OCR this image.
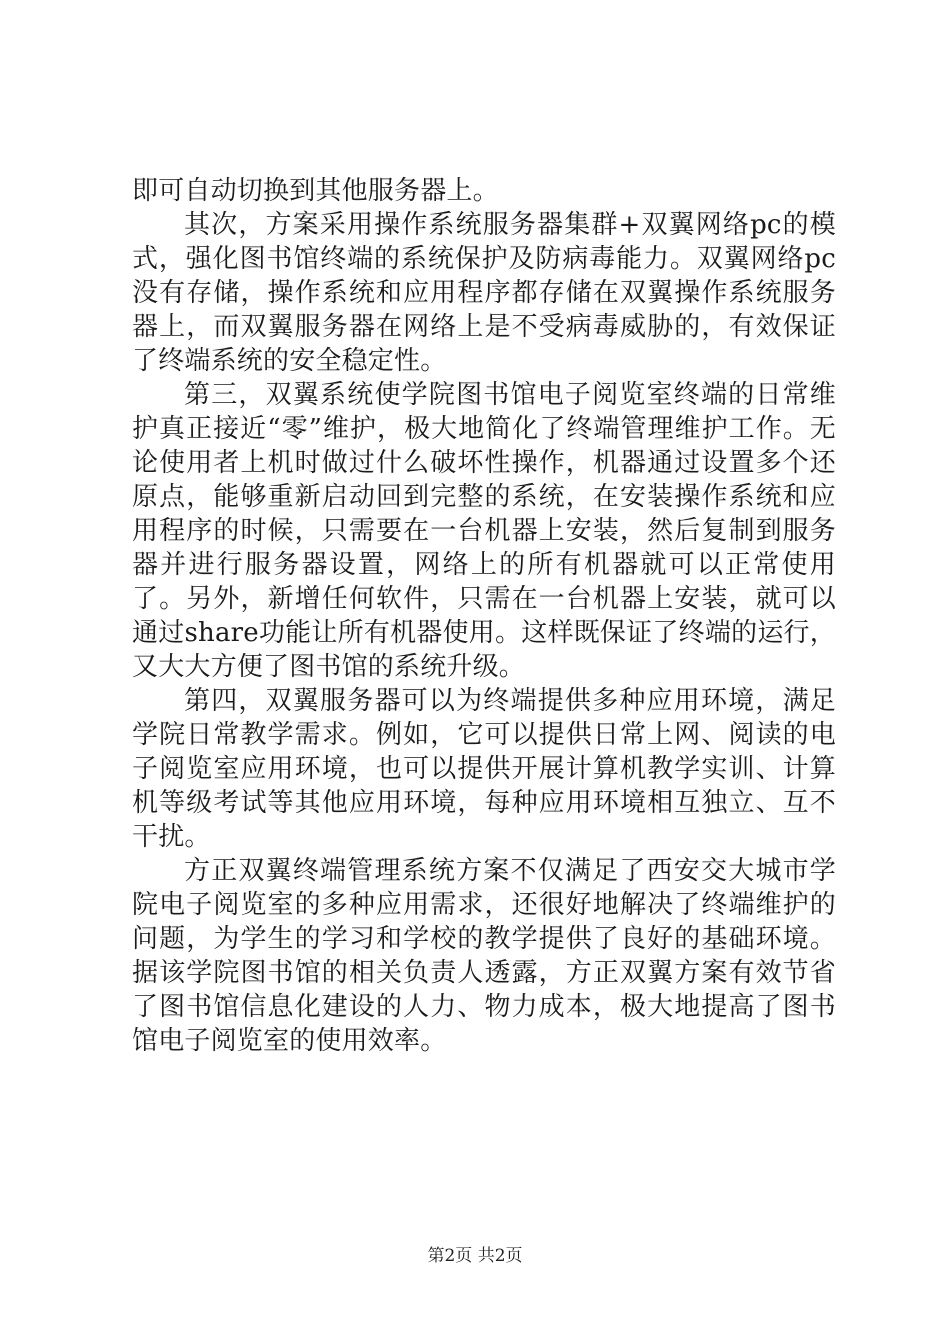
即可自动切换到其他服务器上。

其次，方案采用操作系统服务器集群+双翼网络pc的模式，强化图书馆终端的系统保护及防病毒能力。双翼网络pc没有存储，操作系统和应用程序都存储在双翼操作系统服务器上，而双翼服务器在网络上是不受病毒威胁的，有效保证了终端系统的安全稳定性。

第三，双翼系统使学院图书馆电子阅览室终端的日常维护真正接近“零”维护，极大地简化了终端管理维护工作。无论使用者上机时做过什么破坏性操作，机器通过设置多个还原点，能够重新启动回到完整的系统，在安装操作系统和应用程序的时候，只需要在一台机器上安装，然后复制到服务器并进行服务器设置，网络上的所有机器就可以正常使用了。另外，新增任何软件，只需在一台机器上安装，就可以通过share功能让所有机器使用。这样既保证了终端的运行，又大大方便了图书馆的系统升级。

第四，双翼服务器可以为终端提供多种应用环境，满足学院日常教学需求。例如，它可以提供日常上网、阅读的电子阅览室应用环境，也可以提供开展计算机教学实训、计算机等级考试等其他应用环境，每种应用环境相互独立、互不干扰。

方正双翼终端管理系统方案不仅满足了西安交大城市学院电子阅览室的多种应用需求，还很好地解决了终端维护的问题，为学生的学习和学校的教学提供了良好的基础环境。据该学院图书馆的相关负责人透露，方正双翼方案有效节省了图书馆信息化建设的人力、物力成本，极大地提高了图书馆电子阅览室的使用效率。

第2页 共2页
